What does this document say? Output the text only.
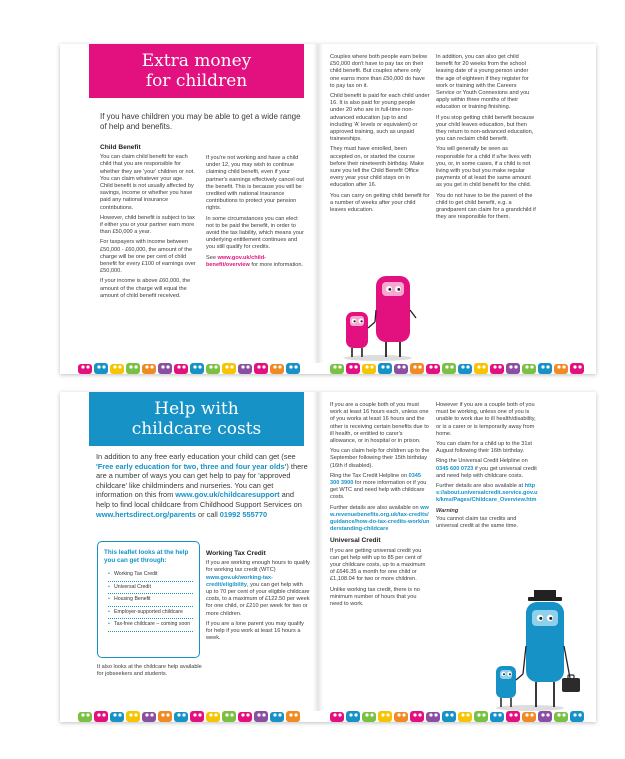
Extra money
for children
If you have children you may be able to get a wide range of help and benefits.
Child Benefit

You can claim child benefit for each child that you are responsible for whether they are 'your' children or not. You can claim whatever your age. Child benefit is not usually affected by savings, income or whether you have paid any national insurance contributions.

However, child benefit is subject to tax if either you or your partner earn more than £50,000 a year.

For taxpayers with income between £50,000 - £60,000, the amount of the charge will be one per cent of child benefit for every £100 of earnings over £50,000.

If your income is above £60,000, the amount of the charge will equal the amount of child benefit received.

If you're not working and have a child under 12, you may wish to continue claiming child benefit, even if your partner's earnings effectively cancel out the benefit. This is because you will be credited with national insurance contributions to protect your pension rights.

In some circumstances you can elect not to be paid the benefit, in order to avoid the tax liability, which means your underlying entitlement continues and you still qualify for credits.

See www.gov.uk/child-benefit/overview for more information.

Couples where both people earn below £50,000 don't have to pay tax on their child benefit. But couples where only one earns more than £50,000 do have to pay tax on it.

Child benefit is paid for each child under 16. It is also paid for young people under 20 who are in full-time non-advanced education (up to and including 'A' levels or equivalent) or approved training, such as unpaid traineeships.

They must have enrolled, been accepted on, or started the course before their nineteenth birthday. Make sure you tell the Child Benefit Office every year your child stays on in education after 16.

You can carry on getting child benefit for a number of weeks after your child leaves education.

In addition, you can also get child benefit for 20 weeks from the school leaving date of a young person under the age of eighteen if they register for work or training with the Careers Service or Youth Connexions and you apply within three months of their education or training finishing.

If you stop getting child benefit because your child leaves education, but then they return to non-advanced education, you can reclaim child benefit.

You will generally be seen as responsible for a child if s/he lives with you, or, in some cases, if a child is not living with you but you make regular payments of at least the same amount as you get in child benefit for the child.

You do not have to be the parent of the child to get child benefit, e.g. a grandparent can claim for a grandchild if they are responsible for them.

Help with
childcare costs
In addition to any free early education your child can get (see 'Free early education for two, three and four year olds') there are a number of ways you can get help to pay for 'approved childcare' like childminders and nurseries. You can get information on this from www.gov.uk/childcaresupport and help to find local childcare from Childhood Support Services on www.hertsdirect.org/parents or call 01992 555770
This leaflet looks at the help you can get through:
• Working Tax Credit
• Universal Credit
• Housing Benefit
• Employer-supported childcare
• Tax-free childcare – coming soon
It also looks at the childcare help available for jobseekers and students.
Working Tax Credit

If you are working enough hours to qualify for working tax credit (WTC) www.gov.uk/working-tax-credit/eligibility, you can get help with up to 70 per cent of your eligible childcare costs, to a maximum of £122.50 per week for one child, or £210 per week for two or more children.

If you are a lone parent you may qualify for help if you work at least 16 hours a week.

If you are a couple both of you must work at least 16 hours each, unless one of you works at least 16 hours and the other is receiving certain benefits due to ill health, or entitled to carer's allowance, or in hospital or in prison.

You can claim help for children up to the September following their 15th birthday (16th if disabled).

Ring the Tax Credit Helpline on 0345 300 3900 for more information or if you get WTC and need help with childcare costs.

Further details are also available on www.revenuebenefits.org.uk/tax-credits/guidance/how-do-tax-credits-work/understanding-childcare

Universal Credit

If you are getting universal credit you can get help with up to 85 per cent of your childcare costs, up to a maximum of £646.35 a month for one child or £1,108.04 for two or more children.

Unlike working tax credit, there is no minimum number of hours that you need to work.

However if you are a couple both of you must be working, unless one of you is unable to work due to ill health/disability, or is a carer or is temporarily away from home.

You can claim for a child up to the 31st August following their 16th birthday.

Ring the Universal Credit Helpline on 0345 600 0723 if you get universal credit and need help with childcare costs.

Further details are also available at https://about.universalcredit.service.gov.uk/kms/Pages/Childcare_Overview.htm

Warning

You cannot claim tax credits and universal credit at the same time.
